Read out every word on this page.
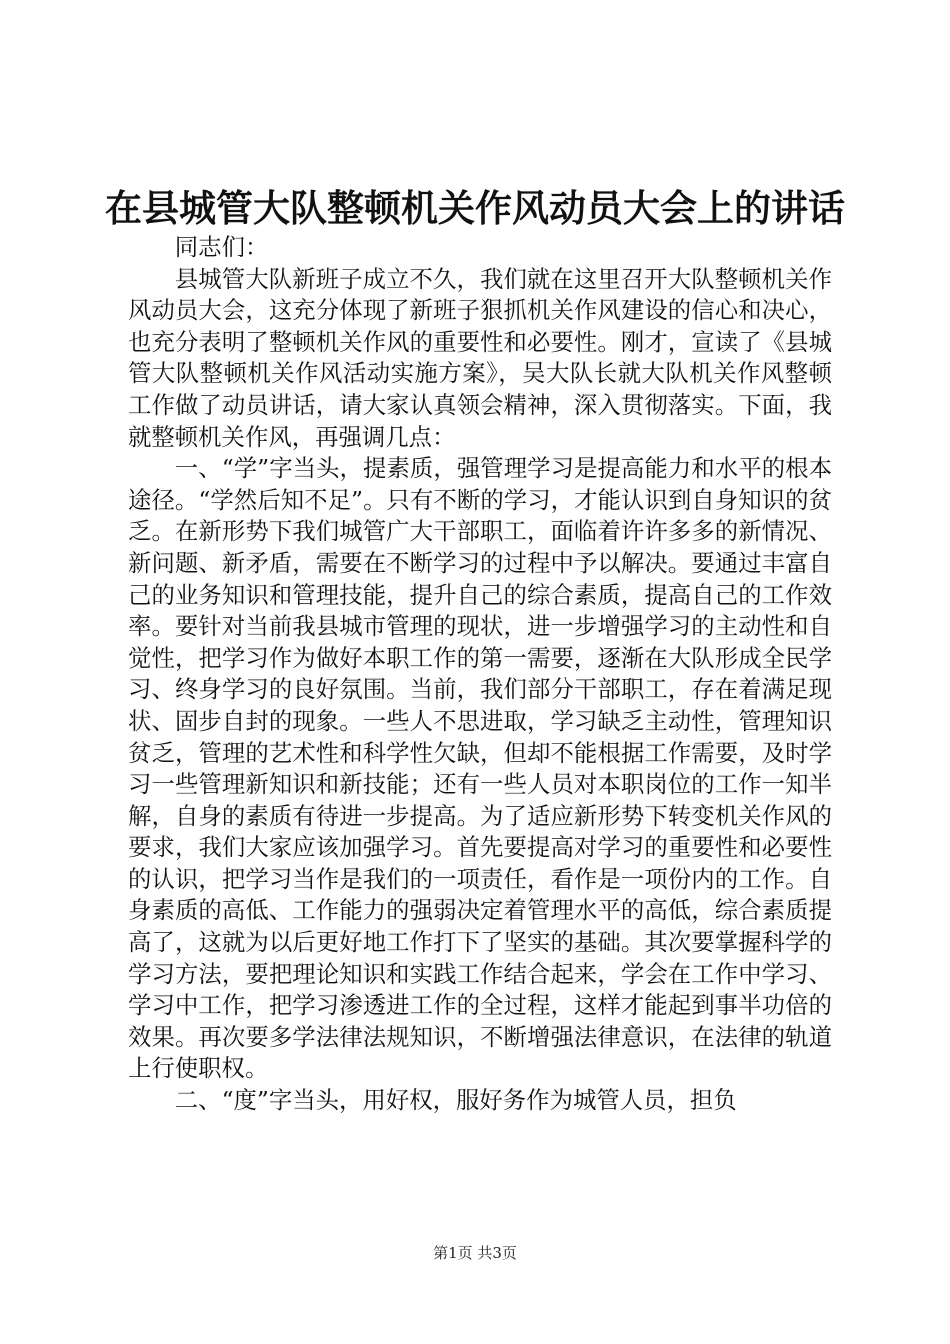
在县城管大队整顿机关作风动员大会上的讲话

同志们：

县城管大队新班子成立不久，我们就在这里召开大队整顿机关作风动员大会，这充分体现了新班子狠抓机关作风建设的信心和决心，也充分表明了整顿机关作风的重要性和必要性。刚才，宣读了《县城管大队整顿机关作风活动实施方案》，吴大队长就大队机关作风整顿工作做了动员讲话，请大家认真领会精神，深入贯彻落实。下面，我就整顿机关作风，再强调几点：

一、“学”字当头，提素质，强管理学习是提高能力和水平的根本途径。“学然后知不足”。只有不断的学习，才能认识到自身知识的贫乏。在新形势下我们城管广大干部职工，面临着许许多多的新情况、新问题、新矛盾，需要在不断学习的过程中予以解决。要通过丰富自己的业务知识和管理技能，提升自己的综合素质，提高自己的工作效率。要针对当前我县城市管理的现状，进一步增强学习的主动性和自觉性，把学习作为做好本职工作的第一需要，逐渐在大队形成全民学习、终身学习的良好氛围。当前，我们部分干部职工，存在着满足现状、固步自封的现象。一些人不思进取，学习缺乏主动性，管理知识贫乏，管理的艺术性和科学性欠缺，但却不能根据工作需要，及时学习一些管理新知识和新技能；还有一些人员对本职岗位的工作一知半解，自身的素质有待进一步提高。为了适应新形势下转变机关作风的要求，我们大家应该加强学习。首先要提高对学习的重要性和必要性的认识，把学习当作是我们的一项责任，看作是一项份内的工作。自身素质的高低、工作能力的强弱决定着管理水平的高低，综合素质提高了，这就为以后更好地工作打下了坚实的基础。其次要掌握科学的学习方法，要把理论知识和实践工作结合起来，学会在工作中学习、学习中工作，把学习渗透进工作的全过程，这样才能起到事半功倍的效果。再次要多学法律法规知识，不断增强法律意识，在法律的轨道上行使职权。

二、“度”字当头，用好权，服好务作为城管人员，担负

第1页 共3页
